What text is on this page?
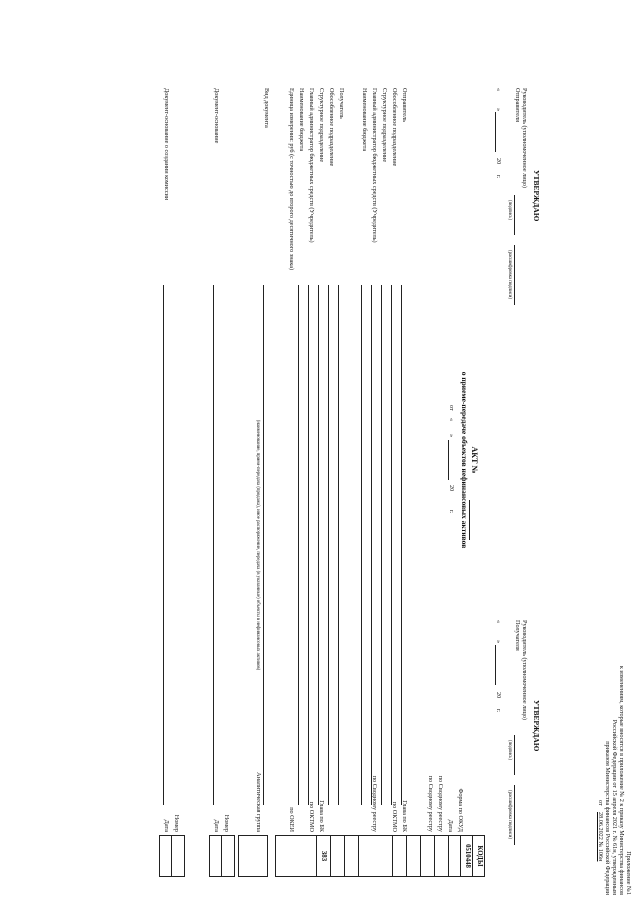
Приложение №1
к изменениям, которые вносятся в приложение № 2 к приказу Министерства финансов
Российской Федерации от 15 апреля 2021 г. № 61н, утвержденным
приказом Министерства финансов Российской Федерации
от
28.06.2022 № 106н
УТВЕРЖДАЮ
Руководитель (уполномоченное лицо)
Отправителя
(подпись)
(расшифровка подписи)
«
»
20
г.
УТВЕРЖДАЮ
Руководитель (уполномоченное лицо)
Получателя
(подпись)
(расшифровка подписи)
«
»
20
г.
АКТ №
о приеме-передаче объектов нефинансовых активов
от
«
»
20
г.
Отправитель
Обособленное подразделение
Структурное подразделение
Главный администратор бюджетных средств (Учредитель)
Наименование бюджета
Получатель
Обособленное подразделение
Структурное подразделение
Главный администратор бюджетных средств (Учредитель)
Наименование бюджета
Единица измерения: руб (с точностью до второго десятичного знака)
Вид документа
(наименование, прием-передача (продажа), иное распоряжение, передача (в указанные) объекты в нефинансовых активов)
Документ-основание
Документ-основание о создании комиссии
Форма по ОКУД
Дата
по Сводному реестру
по Сводному реестру
Глава по БК
по ОКТМО
по Сводному реестру
Глава по БК
по ОКТМО
по ОКЕИ
Аналитическая группа
КОДЫ
0510448
383
Номер
Дата
Номер
Дата
